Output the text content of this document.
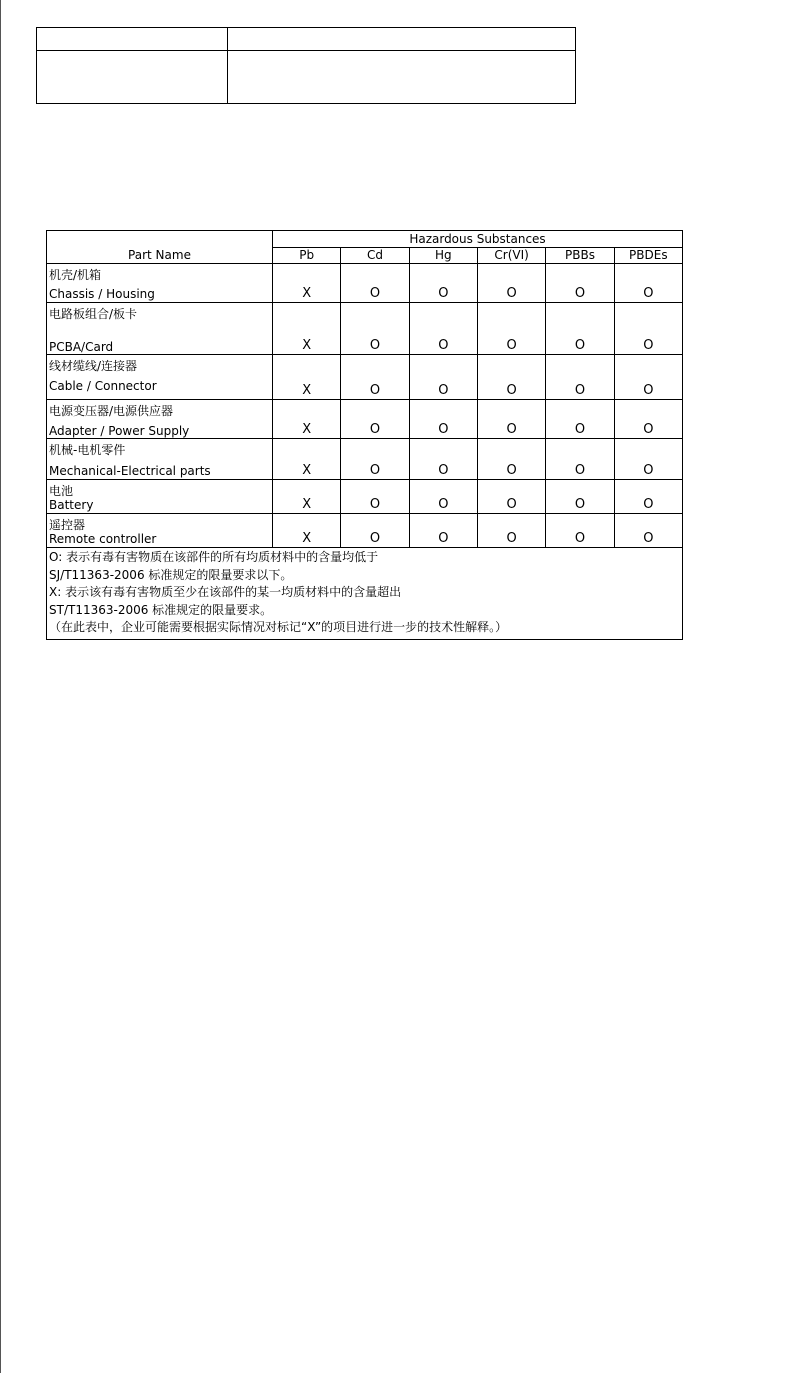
Part Name	Hazardous Substances					
	Pb	Cd	Hg	Cr(VI)	PBBs	PBDEs

机壳/机箱
Chassis / Housing	X	O	O	O	O	O

电路板组合/板卡
PCBA/Card	X	O	O	O	O	O

线材缆线/连接器
Cable / Connector	X	O	O	O	O	O

电源变压器/电源供应器
Adapter / Power Supply	X	O	O	O	O	O

机械-电机零件
Mechanical-Electrical parts	X	O	O	O	O	O

电池
Battery	X	O	O	O	O	O

遥控器
Remote controller	X	O	O	O	O	O

O: 表示有毒有害物质在该部件的所有均质材料中的含量均低于
SJ/T11363-2006 标准规定的限量要求以下。
X: 表示该有毒有害物质至少在该部件的某一均质材料中的含量超出
ST/T11363-2006 标准规定的限量要求。
（在此表中，企业可能需要根据实际情况对标记“X”的项目进行进一步的技术性解释。）						
